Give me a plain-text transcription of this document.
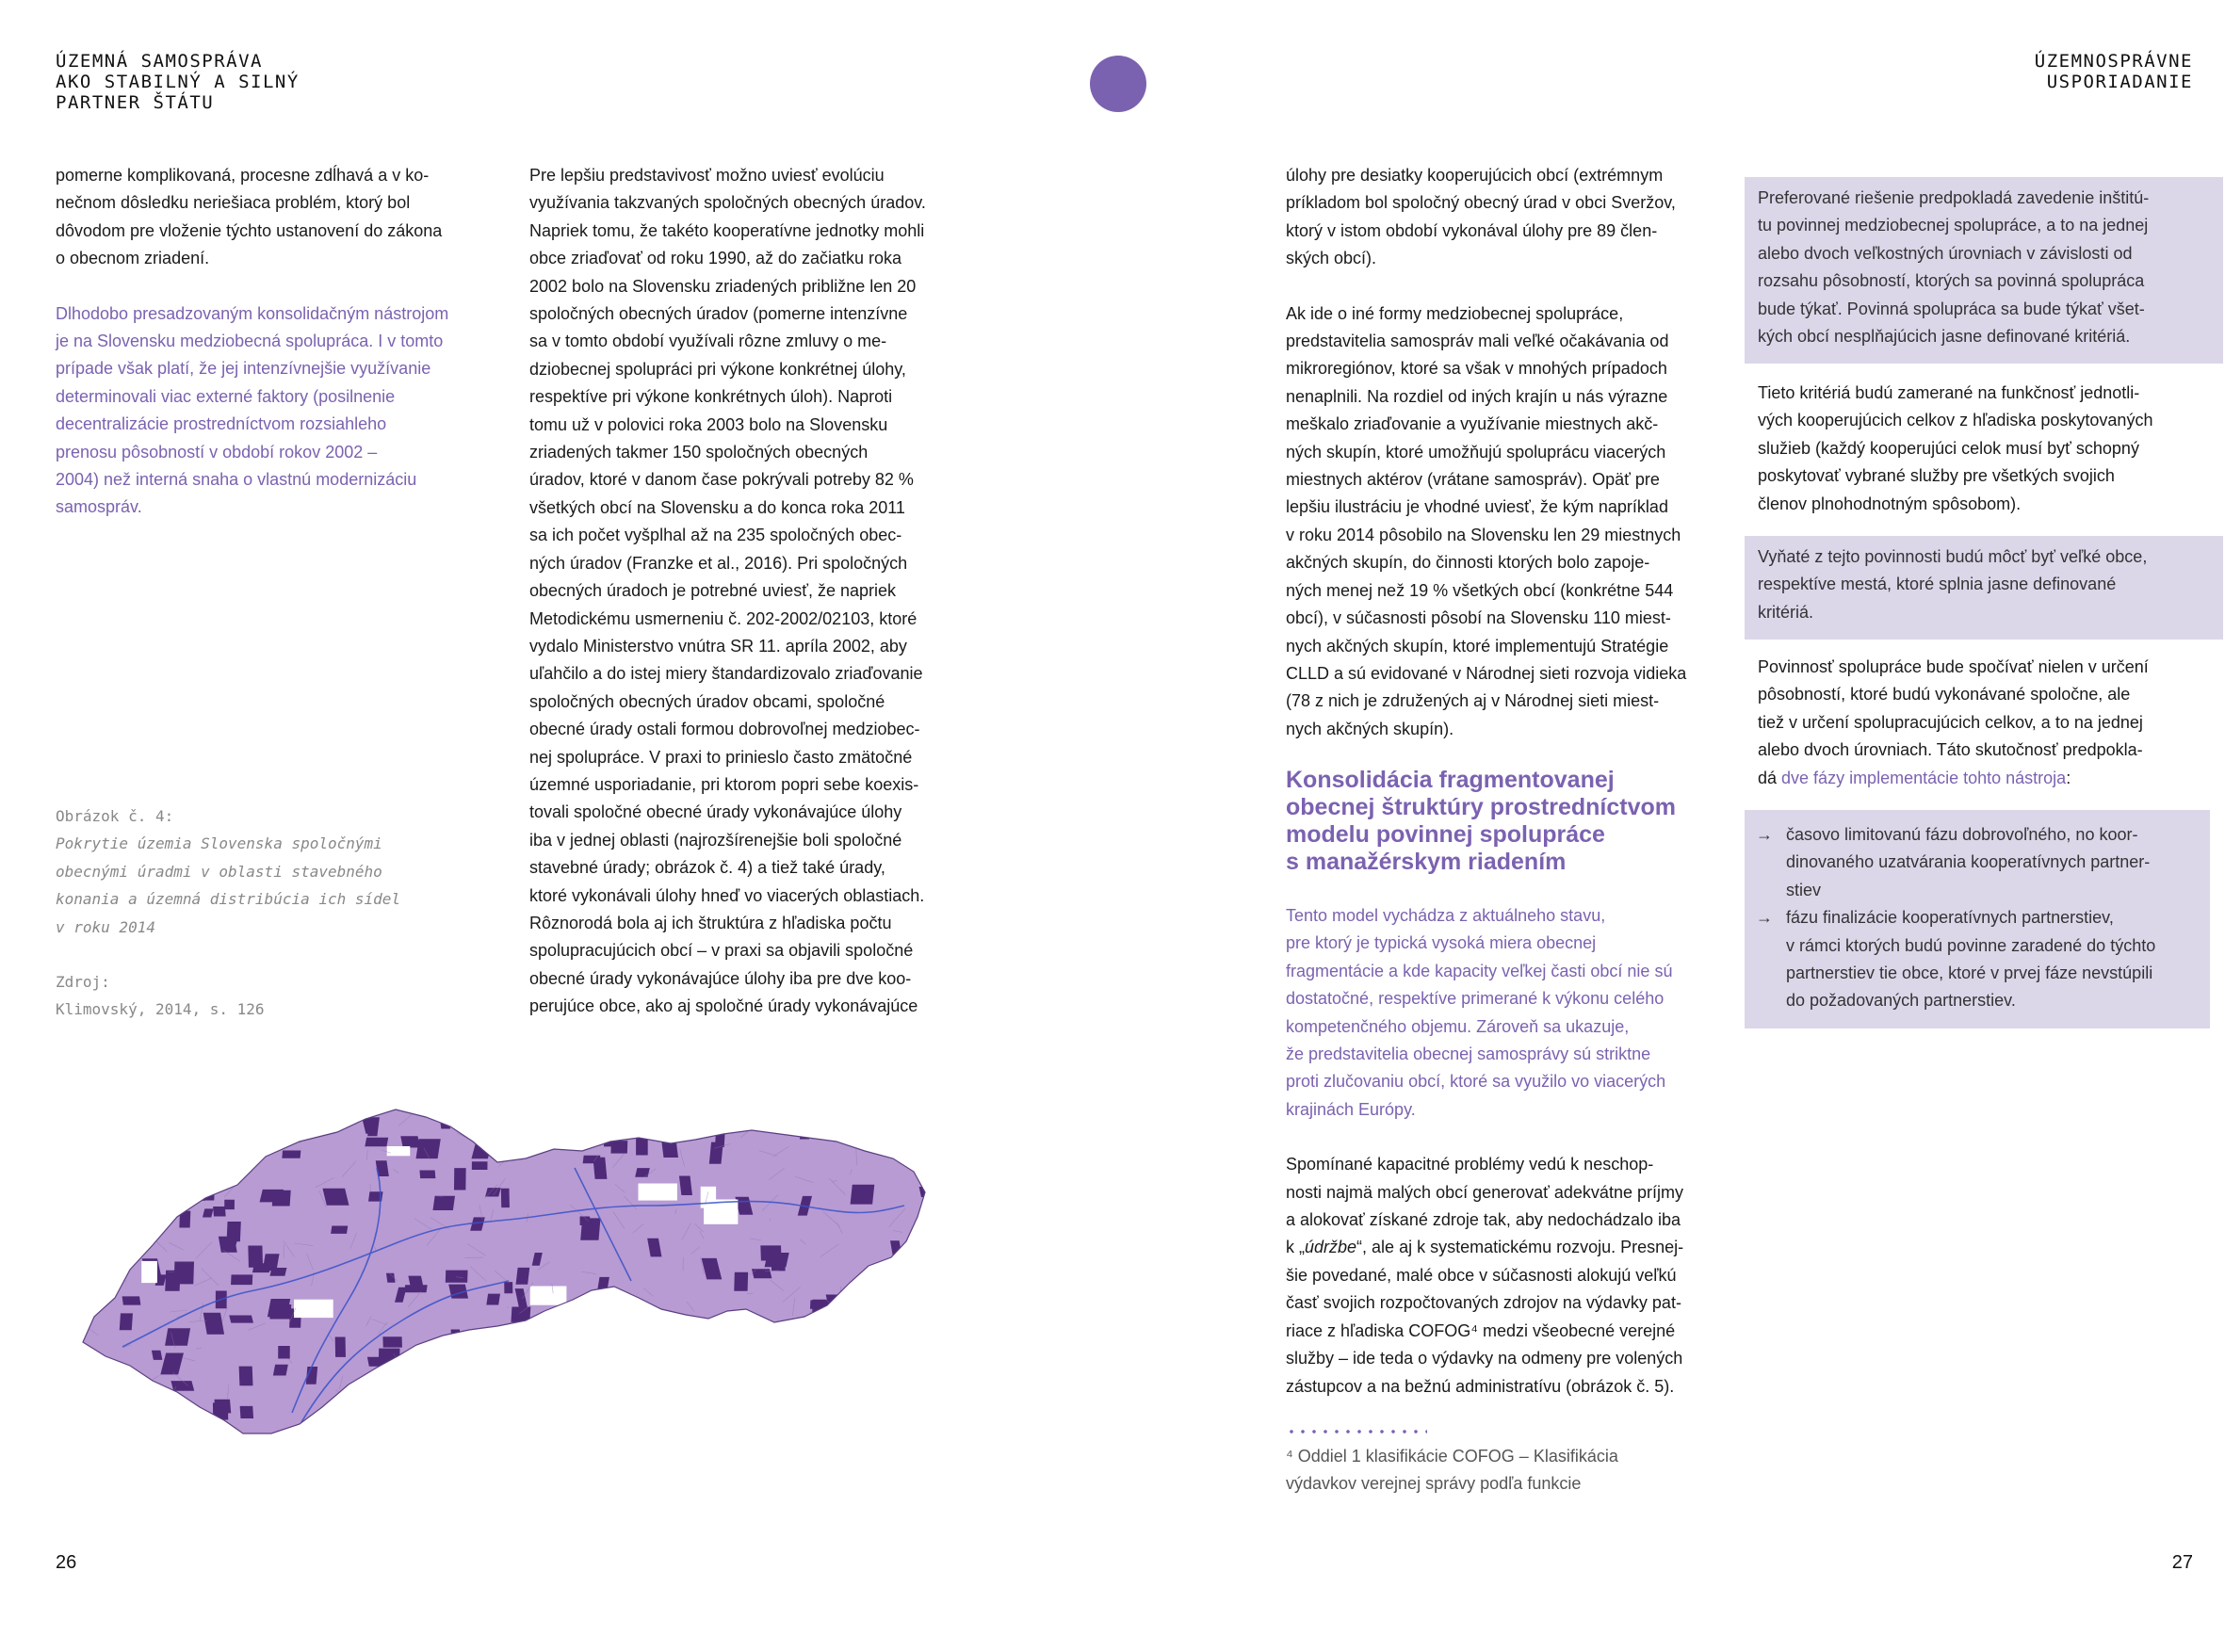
ÚZEMNÁ SAMOSPRÁVA
AKO STABILNÝ A SILNÝ
PARTNER ŠTÁTU
ÚZEMNOSPRÁVNE
USPORIADANIE

pomerne komplikovaná, procesne zdĺhavá a v ko-
nečnom dôsledku neriešiaca problém, ktorý bol
dôvodom pre vloženie týchto ustanovení do zákona
o obecnom zriadení.

Dlhodobo presadzovaným konsolidačným nástrojom
je na Slovensku medziobecná spolupráca. I v tomto
prípade však platí, že jej intenzívnejšie využívanie
determinovali viac externé faktory (posilnenie
decentralizácie prostredníctvom rozsiahleho
prenosu pôsobností v období rokov 2002 –
2004) než interná snaha o vlastnú modernizáciu
samospráv.

Obrázok č. 4:

Pokrytie územia Slovenska spoločnými
obecnými úradmi v oblasti stavebného
konania a územná distribúcia ich sídel
v roku 2014

Zdroj:

Klimovský, 2014, s. 126

Pre lepšiu predstavivosť možno uviesť evolúciu
využívania takzvaných spoločných obecných úradov.
Napriek tomu, že takéto kooperatívne jednotky mohli
obce zriaďovať od roku 1990, až do začiatku roka
2002 bolo na Slovensku zriadených približne len 20
spoločných obecných úradov (pomerne intenzívne
sa v tomto období využívali rôzne zmluvy o me-
dziobecnej spolupráci pri výkone konkrétnej úlohy,
respektíve pri výkone konkrétnych úloh). Naproti
tomu už v polovici roka 2003 bolo na Slovensku
zriadených takmer 150 spoločných obecných
úradov, ktoré v danom čase pokrývali potreby 82 %
všetkých obcí na Slovensku a do konca roka 2011
sa ich počet vyšplhal až na 235 spoločných obec-
ných úradov (Franzke et al., 2016). Pri spoločných
obecných úradoch je potrebné uviesť, že napriek
Metodickému usmerneniu č. 202-2002/02103, ktoré
vydalo Ministerstvo vnútra SR 11. apríla 2002, aby
uľahčilo a do istej miery štandardizovalo zriaďovanie
spoločných obecných úradov obcami, spoločné
obecné úrady ostali formou dobrovoľnej medziobec-
nej spolupráce. V praxi to prinieslo často zmätočné
územné usporiadanie, pri ktorom popri sebe koexis-
tovali spoločné obecné úrady vykonávajúce úlohy
iba v jednej oblasti (najrozšírenejšie boli spoločné
stavebné úrady; obrázok č. 4) a tiež také úrady,
ktoré vykonávali úlohy hneď vo viacerých oblastiach.
Rôznorodá bola aj ich štruktúra z hľadiska počtu
spolupracujúcich obcí – v praxi sa objavili spoločné
obecné úrady vykonávajúce úlohy iba pre dve koo-
perujúce obce, ako aj spoločné úrady vykonávajúce

úlohy pre desiatky kooperujúcich obcí (extrémnym
príkladom bol spoločný obecný úrad v obci Sveržov,
ktorý v istom období vykonával úlohy pre 89 člen-
ských obcí).

Ak ide o iné formy medziobecnej spolupráce,
predstavitelia samospráv mali veľké očakávania od
mikroregiónov, ktoré sa však v mnohých prípadoch
nenaplnili. Na rozdiel od iných krajín u nás výrazne
meškalo zriaďovanie a využívanie miestnych akč-
ných skupín, ktoré umožňujú spoluprácu viacerých
miestnych aktérov (vrátane samospráv). Opäť pre
lepšiu ilustráciu je vhodné uviesť, že kým napríklad
v roku 2014 pôsobilo na Slovensku len 29 miestnych
akčných skupín, do činnosti ktorých bolo zapoje-
ných menej než 19 % všetkých obcí (konkrétne 544
obcí), v súčasnosti pôsobí na Slovensku 110 miest-
nych akčných skupín, ktoré implementujú Stratégie
CLLD a sú evidované v Národnej sieti rozvoja vidieka
(78 z nich je združených aj v Národnej sieti miest-
nych akčných skupín).

Konsolidácia fragmentovanej
obecnej štruktúry prostredníctvom
modelu povinnej spolupráce
s manažérskym riadením

Tento model vychádza z aktuálneho stavu,
pre ktorý je typická vysoká miera obecnej
fragmentácie a kde kapacity veľkej časti obcí nie sú
dostatočné, respektíve primerané k výkonu celého
kompetenčného objemu. Zároveň sa ukazuje,
že predstavitelia obecnej samosprávy sú striktne
proti zlučovaniu obcí, ktoré sa využilo vo viacerých
krajinách Európy.

Spomínané kapacitné problémy vedú k neschop-
nosti najmä malých obcí generovať adekvátne príjmy
a alokovať získané zdroje tak, aby nedochádzalo iba
k „údržbe“, ale aj k systematickému rozvoju. Presnej-
šie povedané, malé obce v súčasnosti alokujú veľkú
časť svojich rozpočtovaných zdrojov na výdavky pat-
riace z hľadiska COFOG⁴ medzi všeobecné verejné
služby – ide teda o výdavky na odmeny pre volených
zástupcov a na bežnú administratívu (obrázok č. 5).

⁴ Oddiel 1 klasifikácie COFOG – Klasifikácia
výdavkov verejnej správy podľa funkcie

Preferované riešenie predpokladá zavedenie inštitú-
tu povinnej medziobecnej spolupráce, a to na jednej
alebo dvoch veľkostných úrovniach v závislosti od
rozsahu pôsobností, ktorých sa povinná spolupráca
bude týkať. Povinná spolupráca sa bude týkať všet-
kých obcí nesplňajúcich jasne definované kritériá.

Tieto kritériá budú zamerané na funkčnosť jednotli-
vých kooperujúcich celkov z hľadiska poskytovaných
služieb (každý kooperujúci celok musí byť schopný
poskytovať vybrané služby pre všetkých svojich
členov plnohodnotným spôsobom).

Vyňaté z tejto povinnosti budú môcť byť veľké obce,
respektíve mestá, ktoré splnia jasne definované
kritériá.

Povinnosť spolupráce bude spočívať nielen v určení
pôsobností, ktoré budú vykonávané spoločne, ale
tiež v určení spolupracujúcich celkov, a to na jednej
alebo dvoch úrovniach. Táto skutočnosť predpokla-
dá dve fázy implementácie tohto nástroja:

→ časovo limitovanú fázu dobrovoľného, no koor-
dinovaného uzatvárania kooperatívnych partner-
stiev
→ fázu finalizácie kooperatívnych partnerstiev,
v rámci ktorých budú povinne zaradené do týchto
partnerstiev tie obce, ktoré v prvej fáze nevstúpili
do požadovaných partnerstiev.
26	27
